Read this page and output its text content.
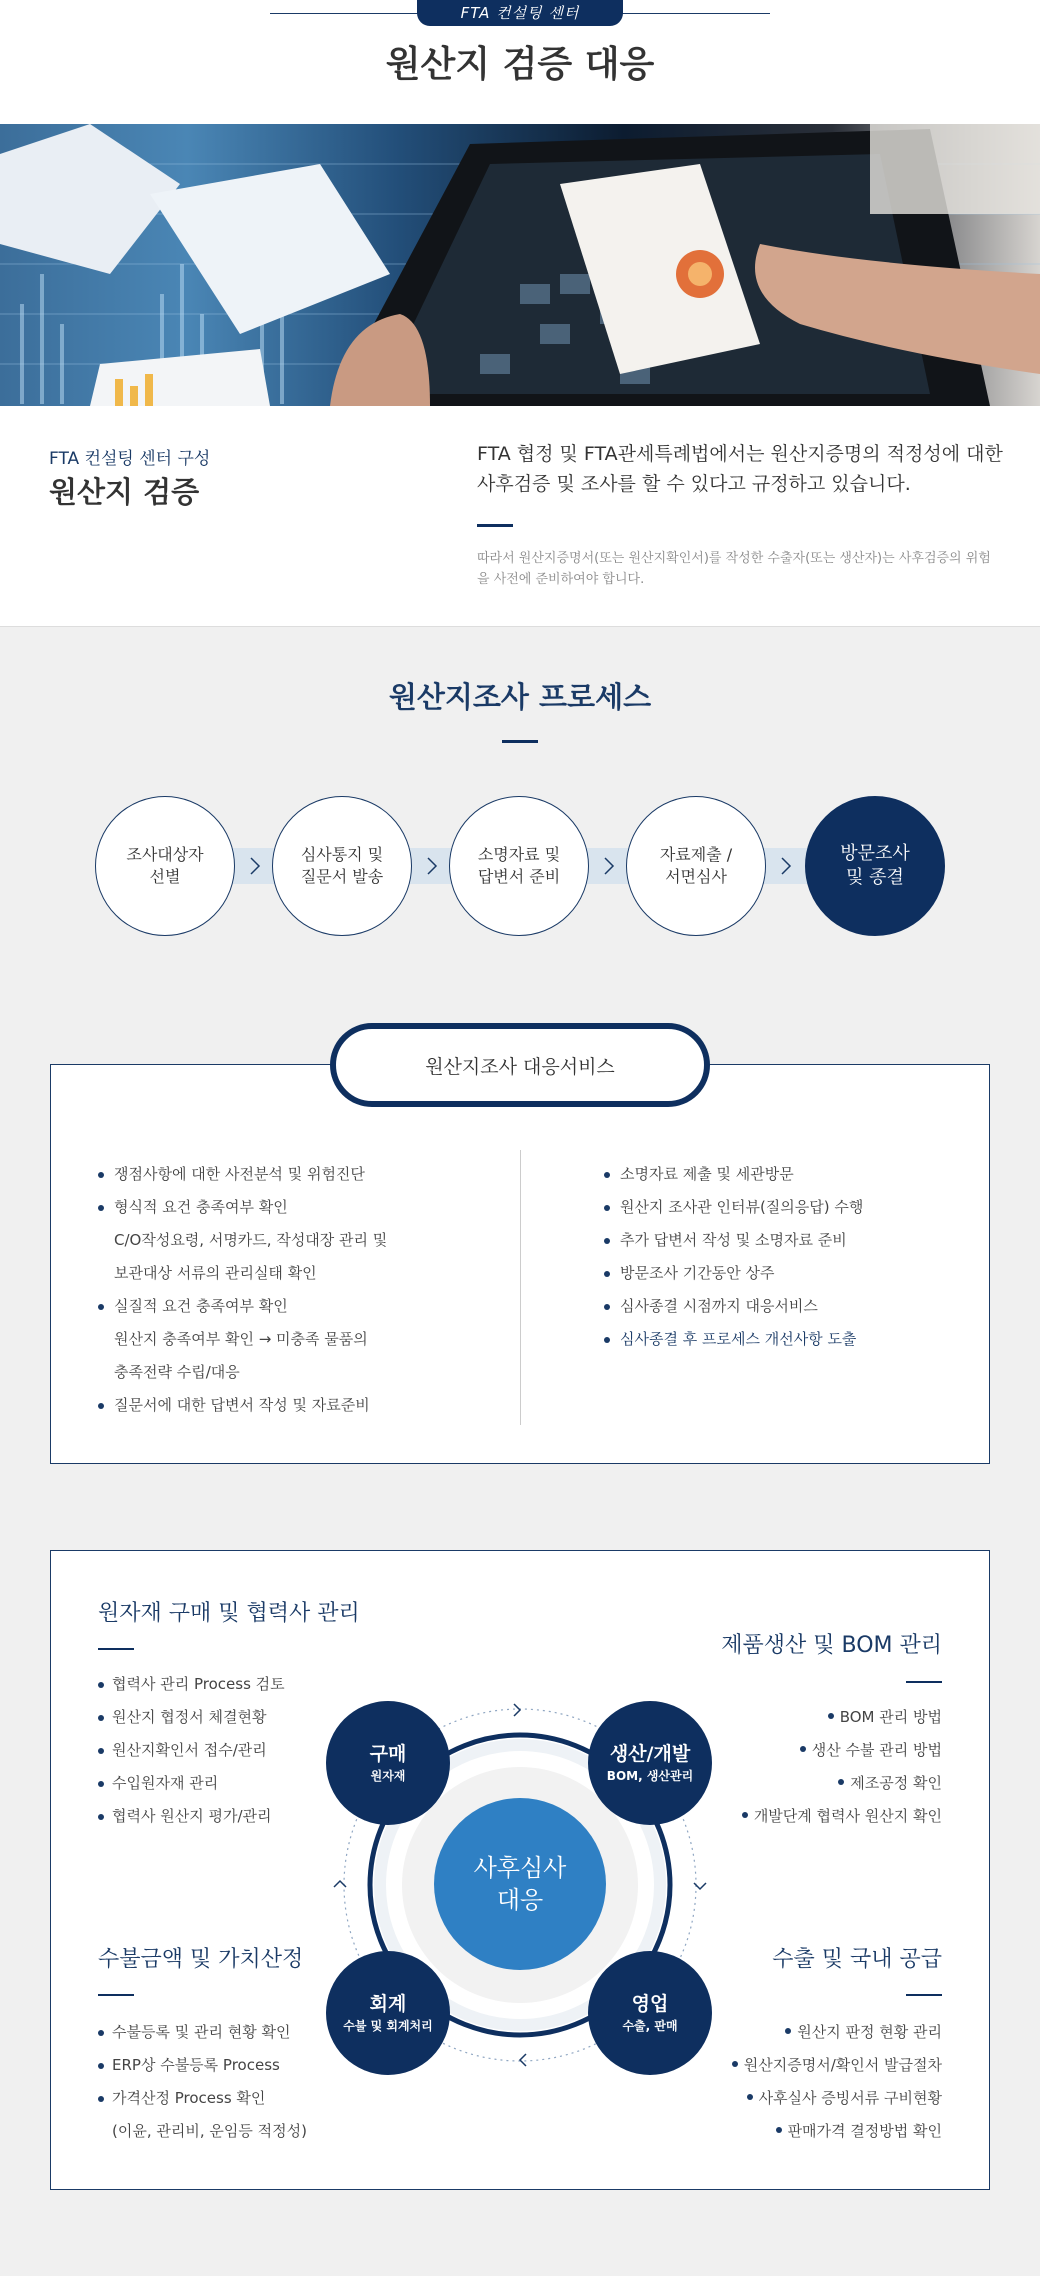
FTA 컨설팅 센터
원산지 검증 대응
FTA 컨설팅 센터 구성
원산지 검증

FTA 협정 및 FTA관세특례법에서는 원산지증명의 적정성에 대한 사후검증 및 조사를 할 수 있다고 규정하고 있습니다.

따라서 원산지증명서(또는 원산지확인서)를 작성한 수출자(또는 생산자)는 사후검증의 위험을 사전에 준비하여야 합니다.

원산지조사 프로세스
조사대상자
선별
심사통지 및
질문서 발송
소명자료 및
답변서 준비
자료제출 /
서면심사
방문조사
및 종결
원산지조사 대응서비스
쟁점사항에 대한 사전분석 및 위험진단
형식적 요건 충족여부 확인
C/O작성요령, 서명카드, 작성대장 관리 및
보관대상 서류의 관리실태 확인
실질적 요건 충족여부 확인
원산지 충족여부 확인 → 미충족 물품의
충족전략 수립/대응
질문서에 대한 답변서 작성 및 자료준비
소명자료 제출 및 세관방문
원산지 조사관 인터뷰(질의응답) 수행
추가 답변서 작성 및 소명자료 준비
방문조사 기간동안 상주
심사종결 시점까지 대응서비스
심사종결 후 프로세스 개선사항 도출
사후심사
대응
구매
원자재
생산/개발
BOM, 생산관리
회계
수불 및 회계처리
영업
수출, 판매
원자재 구매 및 협력사 관리
협력사 관리 Process 검토
원산지 협정서 체결현황
원산지확인서 접수/관리
수입원자재 관리
협력사 원산지 평가/관리
제품생산 및 BOM 관리
BOM 관리 방법
생산 수불 관리 방법
제조공정 확인
개발단계 협력사 원산지 확인
수불금액 및 가치산정
수불등록 및 관리 현황 확인
ERP상 수불등록 Process
가격산정 Process 확인
(이윤, 관리비, 운임등 적정성)
수출 및 국내 공급
원산지 판정 현황 관리
원산지증명서/확인서 발급절차
사후실사 증빙서류 구비현황
판매가격 결정방법 확인
